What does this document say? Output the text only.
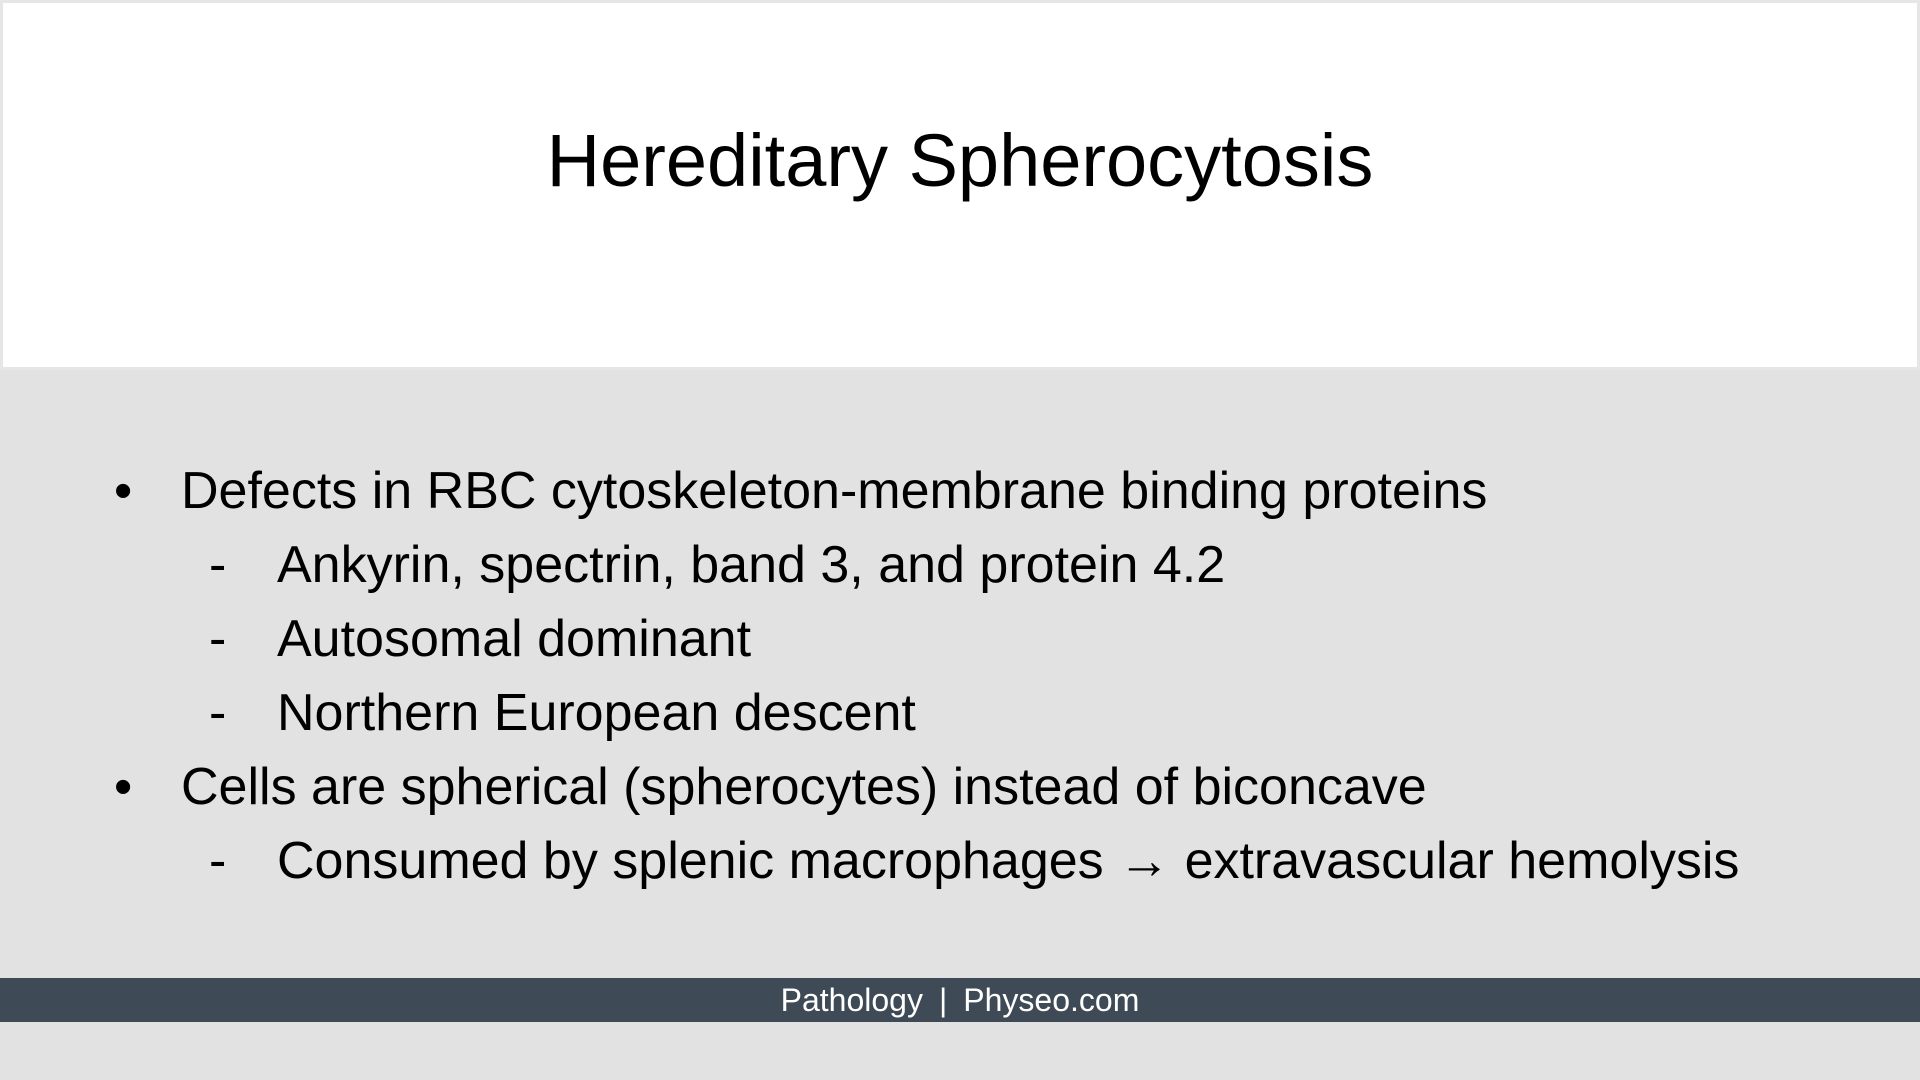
Hereditary Spherocytosis
• Defects in RBC cytoskeleton-membrane binding proteins
- Ankyrin, spectrin, band 3, and protein 4.2
- Autosomal dominant
- Northern European descent
• Cells are spherical (spherocytes) instead of biconcave
- Consumed by splenic macrophages → extravascular hemolysis
Pathology | Physeo.com
